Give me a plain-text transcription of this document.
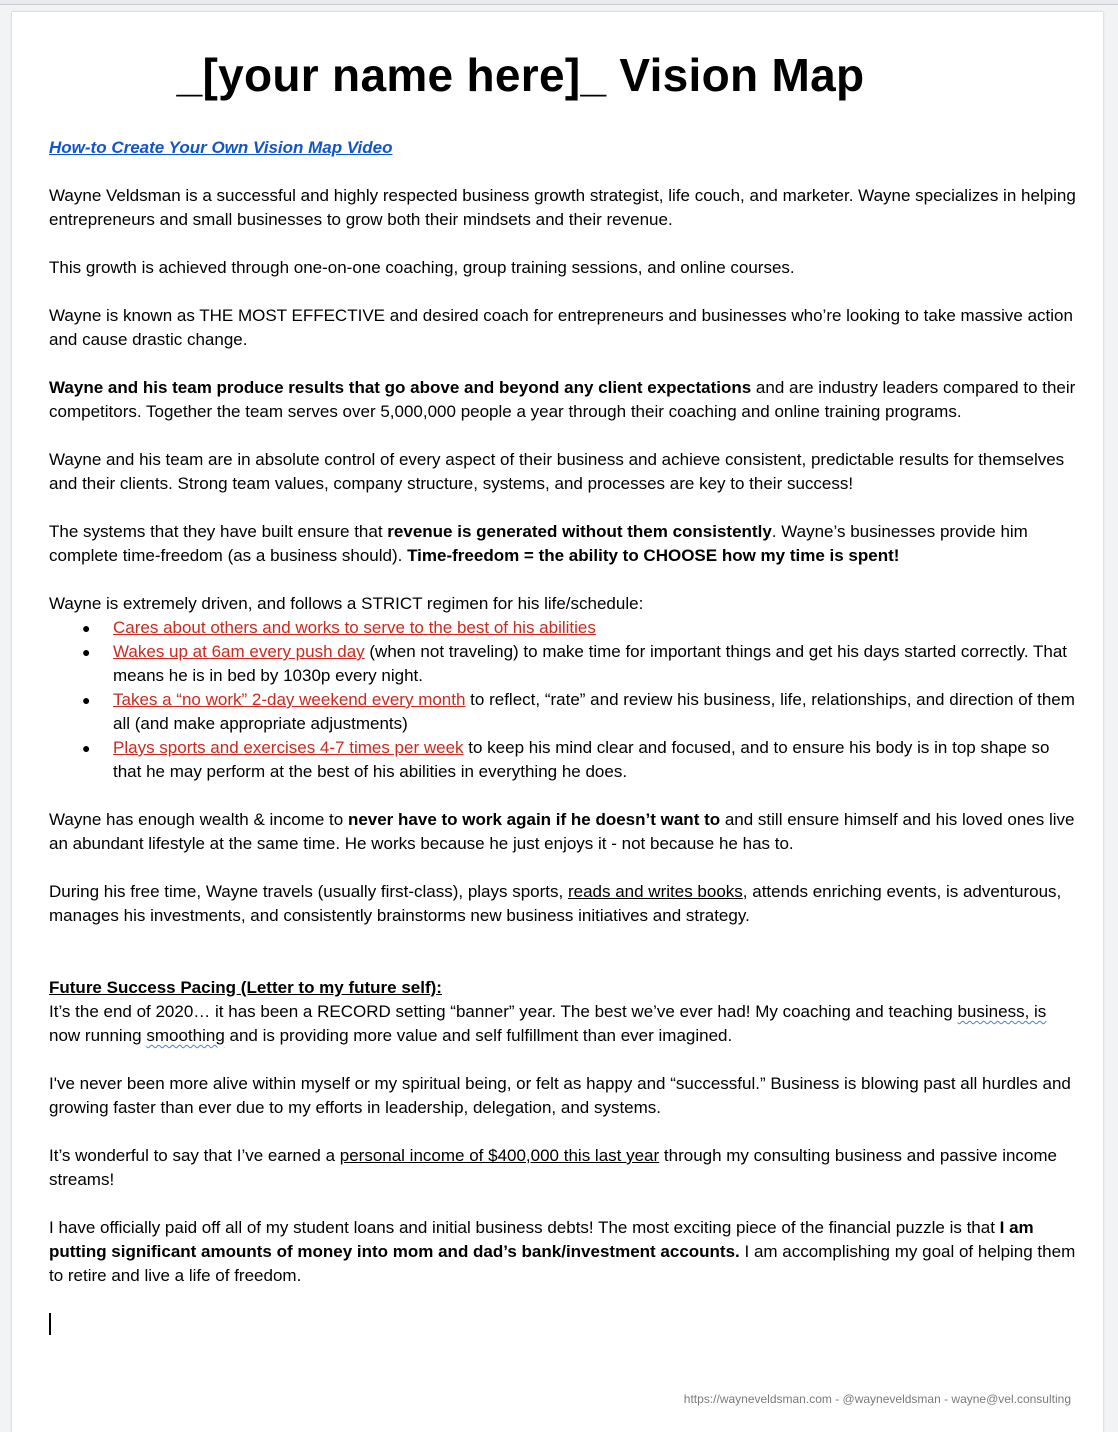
_[your name here]_ Vision Map
How-to Create Your Own Vision Map Video

Wayne Veldsman is a successful and highly respected business growth strategist, life couch, and marketer. Wayne specializes in helping entrepreneurs and small businesses to grow both their mindsets and their revenue.

This growth is achieved through one-on-one coaching, group training sessions, and online courses.

Wayne is known as THE MOST EFFECTIVE and desired coach for entrepreneurs and businesses who’re looking to take massive action and cause drastic change.

Wayne and his team produce results that go above and beyond any client expectations and are industry leaders compared to their competitors. Together the team serves over 5,000,000 people a year through their coaching and online training programs.

Wayne and his team are in absolute control of every aspect of their business and achieve consistent, predictable results for themselves and their clients. Strong team values, company structure, systems, and processes are key to their success!

The systems that they have built ensure that revenue is generated without them consistently. Wayne’s businesses provide him complete time-freedom (as a business should). Time-freedom = the ability to CHOOSE how my time is spent!

Wayne is extremely driven, and follows a STRICT regimen for his life/schedule:

● Cares about others and works to serve to the best of his abilities
● Wakes up at 6am every push day (when not traveling) to make time for important things and get his days started correctly. That means he is in bed by 1030p every night.
● Takes a “no work” 2-day weekend every month to reflect, “rate” and review his business, life, relationships, and direction of them all (and make appropriate adjustments)
● Plays sports and exercises 4-7 times per week to keep his mind clear and focused, and to ensure his body is in top shape so that he may perform at the best of his abilities in everything he does.

Wayne has enough wealth & income to never have to work again if he doesn’t want to and still ensure himself and his loved ones live an abundant lifestyle at the same time. He works because he just enjoys it - not because he has to.

During his free time, Wayne travels (usually first-class), plays sports, reads and writes books, attends enriching events, is adventurous, manages his investments, and consistently brainstorms new business initiatives and strategy.

Future Success Pacing (Letter to my future self):

It’s the end of 2020… it has been a RECORD setting “banner” year. The best we’ve ever had! My coaching and teaching business, is now running smoothing and is providing more value and self fulfillment than ever imagined.

I've never been more alive within myself or my spiritual being, or felt as happy and “successful.” Business is blowing past all hurdles and growing faster than ever due to my efforts in leadership, delegation, and systems.

It’s wonderful to say that I’ve earned a personal income of $400,000 this last year through my consulting business and passive income streams!

I have officially paid off all of my student loans and initial business debts! The most exciting piece of the financial puzzle is that I am putting significant amounts of money into mom and dad’s bank/investment accounts. I am accomplishing my goal of helping them to retire and live a life of freedom.

https://wayneveldsman.com - @wayneveldsman - wayne@vel.consulting
